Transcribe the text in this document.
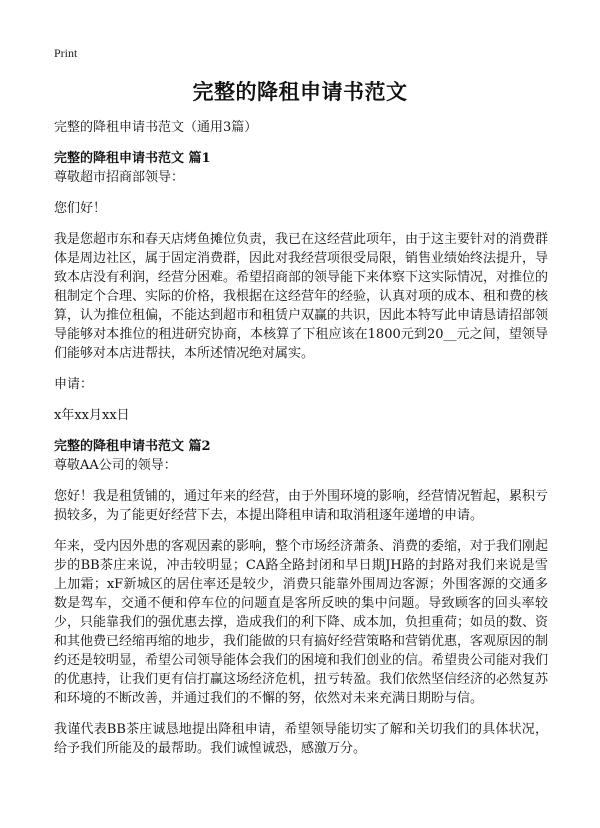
Print
完整的降租申请书范文

完整的降租申请书范文（通用3篇）

完整的降租申请书范文 篇1

尊敬超市招商部领导：

您们好！

我是您超市东和春天店烤鱼摊位负责，我已在这经营此项年，由于这主要针对的消费群体是周边社区，属于固定消费群，因此对我经营项很受局限，销售业绩始终法提升，导致本店没有利润，经营分困难。希望招商部的领导能下来体察下这实际情况，对推位的租制定个合理、实际的价格，我根据在这经营年的经验，认真对项的成本、租和费的核算，认为推位租偏，不能达到超市和租赁户双赢的共识，因此本特写此申请恳请招部领导能够对本推位的租进研究协商，本核算了下租应该在1800元到20__元之间，望领导们能够对本店进帮扶，本所述情况绝对属实。

申请：

x年xx月xx日

完整的降租申请书范文 篇2

尊敬AA公司的领导：

您好！我是租赁铺的，通过年来的经营，由于外围环境的影响，经营情况暂起，累积亏损较多，为了能更好经营下去，本提出降租申请和取消租逐年递增的申请。

年来，受内因外患的客观因素的影响，整个市场经济萧条、消费的委缩，对于我们刚起步的BB茶庄来说，冲击较明显；CA路全路封闭和早日期JH路的封路对我们来说是雪上加霜；xF新城区的居住率还是较少，消费只能靠外围周边客源；外围客源的交通多数是驾车，交通不便和停车位的问题直是客所反映的集中问题。导致顾客的回头率较少，只能靠我们的强优惠去撑，造成我们的利下降、成本加，负担重荷；如员的数、资和其他费已经缩再缩的地步，我们能做的只有搞好经营策略和营销优惠，客观原因的制约还是较明显，希望公司领导能体会我们的困境和我们创业的信。希望贵公司能对我们的优惠持，让我们更有信打赢这场经济危机，扭亏转盈。我们依然坚信经济的必然复苏和环境的不断改善，并通过我们的不懈的努，依然对未来充满日期盼与信。

我谨代表BB茶庄诚恳地提出降租申请，希望领导能切实了解和关切我们的具体状况，给予我们所能及的最帮助。我们诚惶诚恐，感激万分。
